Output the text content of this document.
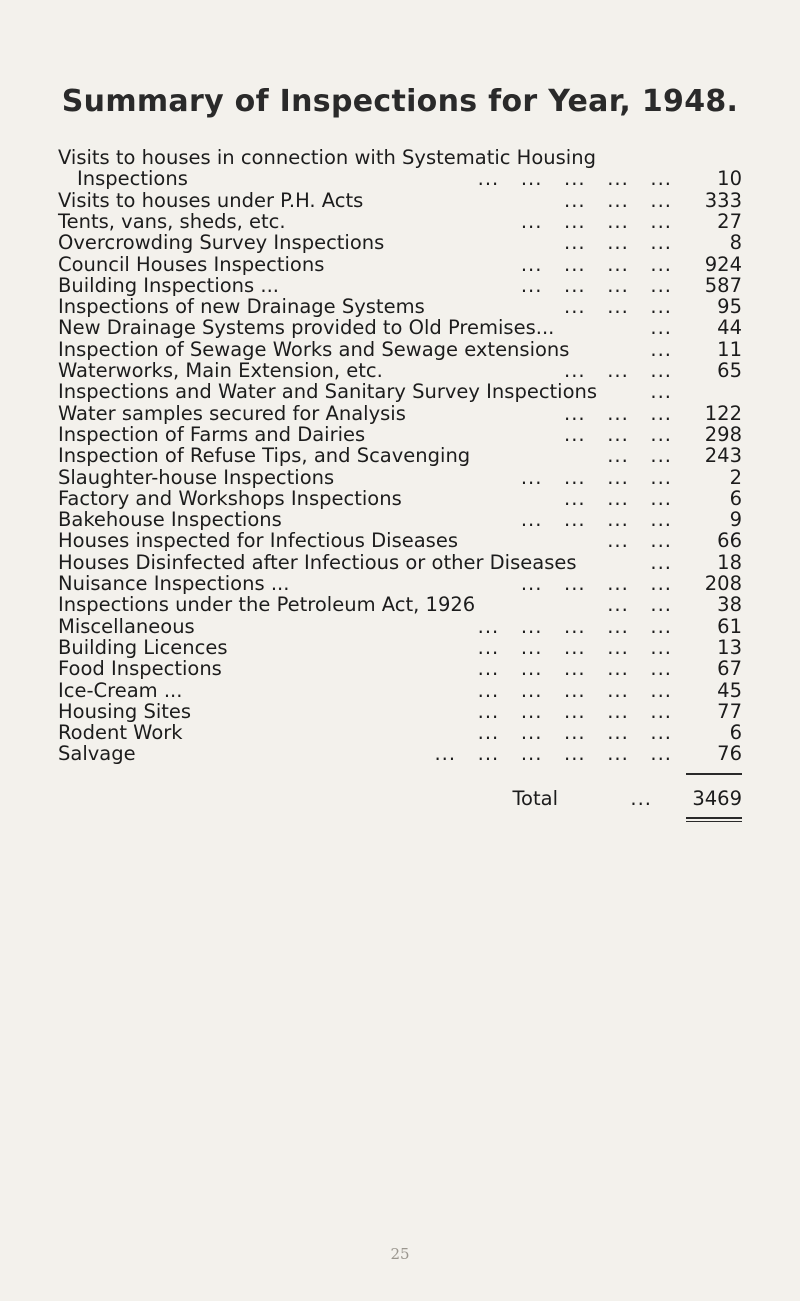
Summary of Inspections for Year, 1948.
Visits to houses in connection with Systematic Housing
Inspections	...   ...   ...   ...   ... 10
Visits to houses under P.H. Acts	...   ...   ... 333
Tents, vans, sheds, etc.	...   ...   ...   ... 27
Overcrowding Survey Inspections	...   ...   ...	8
Council Houses Inspections	...   ...   ...   ... 924
Building Inspections ...	...   ...   ...   ... 587
Inspections of new Drainage Systems	...   ...   ... 95
New Drainage Systems provided to Old Premises...	... 44
Inspection of Sewage Works and Sewage extensions	... 11
Waterworks, Main Extension, etc.	...   ...   ... 65
Inspections and Water and Sanitary Survey Inspections	...
Water samples secured for Analysis	...   ...   ... 122
Inspection of Farms and Dairies	...   ...   ... 298
Inspection of Refuse Tips, and Scavenging	...   ... 243
Slaughter-house Inspections	...   ...   ...   ...	2
Factory and Workshops Inspections	...   ...   ...	6
Bakehouse Inspections	...   ...   ...   ...	9
Houses inspected for Infectious Diseases	...   ... 66
Houses Disinfected after Infectious or other Diseases	... 18
Nuisance Inspections ...	...   ...   ...   ... 208
Inspections under the Petroleum Act, 1926	...   ... 38
Miscellaneous	...   ...   ...   ...   ... 61
Building Licences	...   ...   ...   ...   ... 13
Food Inspections	...   ...   ...   ...   ... 67
Ice-Cream ...	...   ...   ...   ...   ... 45
Housing Sites	...   ...   ...   ...   ... 77
Rodent Work	...   ...   ...   ...   ...	6
Salvage	...   ...   ...   ...   ...   ... 76
Total	... 3469
25
